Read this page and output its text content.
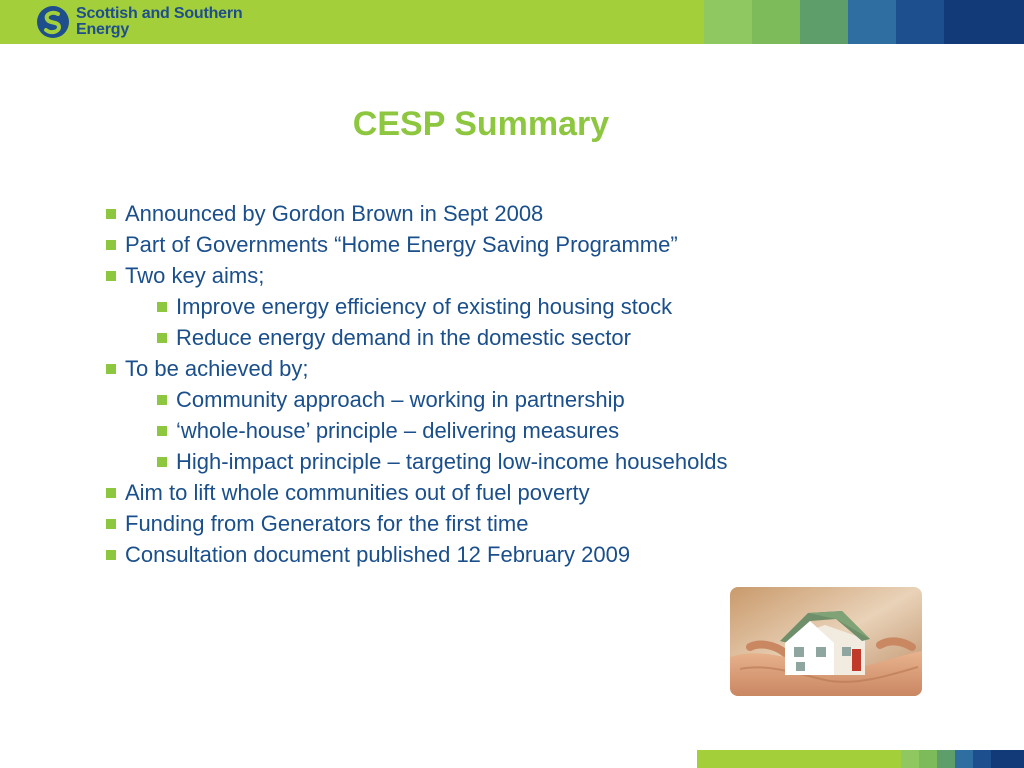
Scottish and Southern
Energy
CESP Summary
Announced by Gordon Brown in Sept 2008
Part of Governments “Home Energy Saving Programme”
Two key aims;
Improve energy efficiency of existing housing stock
Reduce energy demand in the domestic sector
To be achieved by;
Community approach – working in partnership
‘whole-house’ principle – delivering measures
High-impact principle – targeting low-income households
Aim to lift whole communities out of fuel poverty
Funding from Generators for the first time
Consultation document published 12 February 2009
